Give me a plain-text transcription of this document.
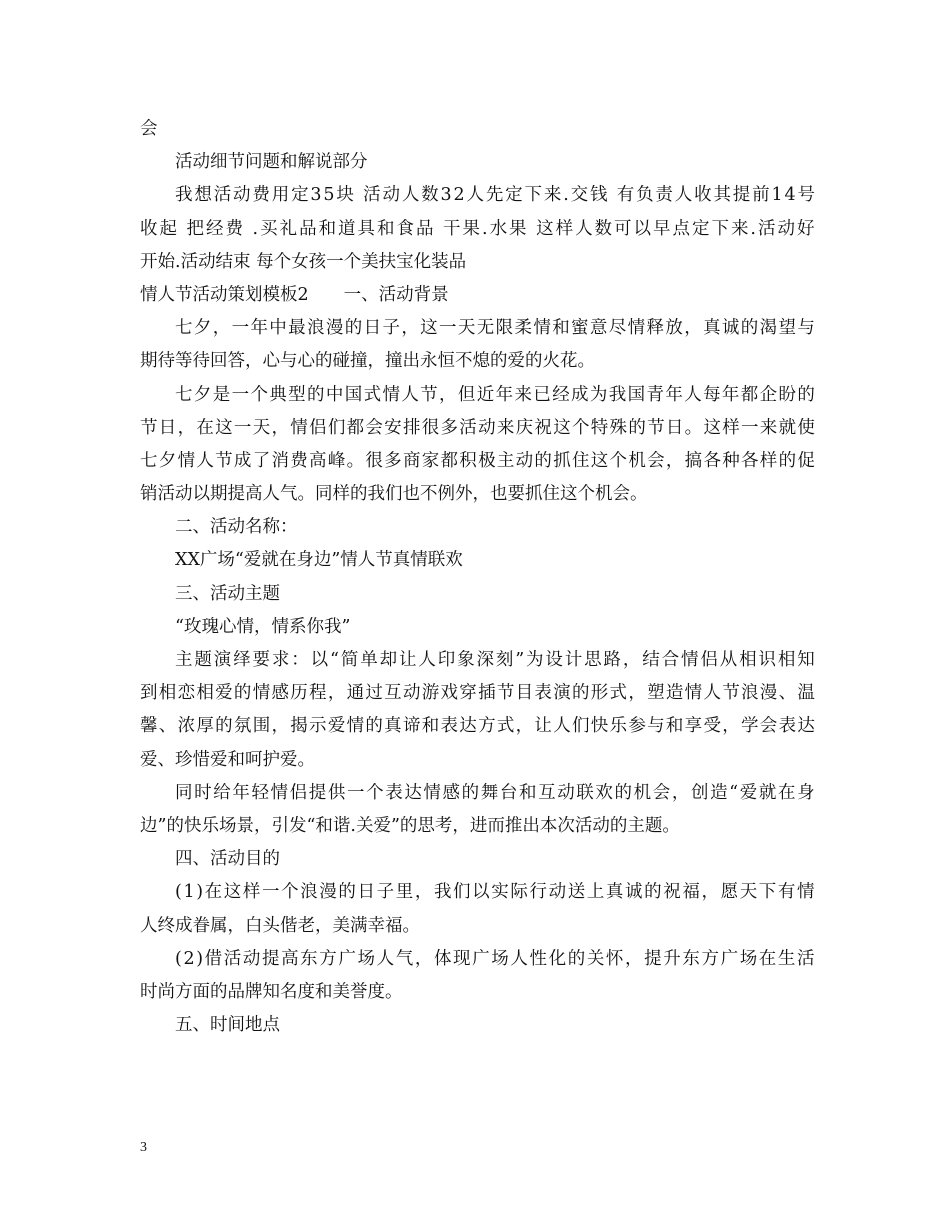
会
活动细节问题和解说部分
我 想 活 动 费 用 定 3 5 块
活 动 人 数 3 2 人 先 定 下 来 . 交 钱
有 负 责 人 收 其 提 前 1 4 号
收 起
把 经 费
. 买 礼 品 和 道 具 和 食 品
干 果 . 水 果
这 样 人 数 可 以 早 点 定 下 来 . 活 动 好
开始.活动结束 每个女孩一个美扶宝化装品
情人节活动策划模板2　　一、活动背景
七 夕 ， 一 年 中 最 浪 漫 的 日 子 ， 这 一 天 无 限 柔 情 和 蜜 意 尽 情 释 放 ， 真 诚 的 渴 望 与
期待等待回答，心与心的碰撞，撞出永恒不熄的爱的火花。
七 夕 是 一 个 典 型 的 中 国 式 情 人 节 ， 但 近 年 来 已 经 成 为 我 国 青 年 人 每 年 都 企 盼 的
节 日 ， 在 这 一 天 ， 情 侣 们 都 会 安 排 很 多 活 动 来 庆 祝 这 个 特 殊 的 节 日 。 这 样 一 来 就 使
七 夕 情 人 节 成 了 消 费 高 峰 。 很 多 商 家 都 积 极 主 动 的 抓 住 这 个 机 会 ， 搞 各 种 各 样 的 促
销活动以期提高人气。同样的我们也不例外，也要抓住这个机会。
二、活动名称：
XX广场“爱就在身边”情人节真情联欢
三、活动主题
“玫瑰心情，情系你我”
主 题 演 绎 要 求 ： 以 “ 简 单 却 让 人 印 象 深 刻 ” 为 设 计 思 路 ， 结 合 情 侣 从 相 识 相 知
到 相 恋 相 爱 的 情 感 历 程 ， 通 过 互 动 游 戏 穿 插 节 目 表 演 的 形 式 ， 塑 造 情 人 节 浪 漫 、 温
馨 、 浓 厚 的 氛 围 ， 揭 示 爱 情 的 真 谛 和 表 达 方 式 ， 让 人 们 快 乐 参 与 和 享 受 ， 学 会 表 达
爱、珍惜爱和呵护爱。
同 时 给 年 轻 情 侣 提 供 一 个 表 达 情 感 的 舞 台 和 互 动 联 欢 的 机 会 ， 创 造 “ 爱 就 在 身
边”的快乐场景，引发“和谐.关爱”的思考，进而推出本次活动的主题。
四、活动目的
( 1 ) 在 这 样 一 个 浪 漫 的 日 子 里 ， 我 们 以 实 际 行 动 送 上 真 诚 的 祝 福 ， 愿 天 下 有 情
人终成眷属，白头偕老，美满幸福。
( 2 ) 借 活 动 提 高 东 方 广 场 人 气 ， 体 现 广 场 人 性 化 的 关 怀 ， 提 升 东 方 广 场 在 生 活
时尚方面的品牌知名度和美誉度。
五、时间地点
3
